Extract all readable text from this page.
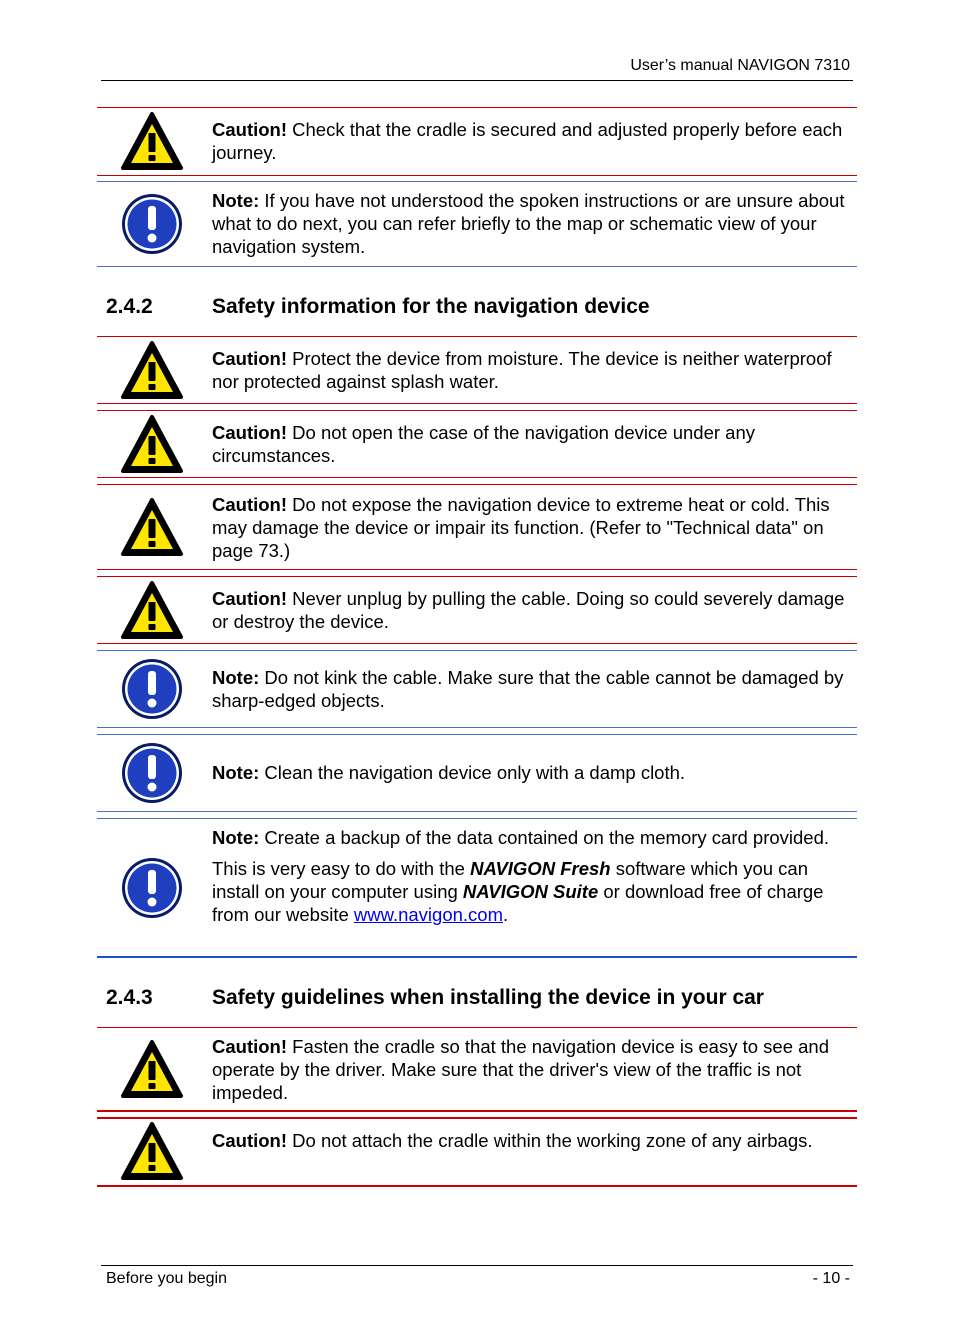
User’s manual NAVIGON 7310

Caution! Check that the cradle is secured and adjusted properly before each journey.

Note: If you have not understood the spoken instructions or are unsure about what to do next, you can refer briefly to the map or schematic view of your navigation system.

2.4.2	Safety information for the navigation device

Caution! Protect the device from moisture. The device is neither waterproof nor protected against splash water.

Caution! Do not open the case of the navigation device under any circumstances.

Caution! Do not expose the navigation device to extreme heat or cold. This may damage the device or impair its function. (Refer to "Technical data" on page 73.)

Caution! Never unplug by pulling the cable. Doing so could severely damage or destroy the device.

Note: Do not kink the cable. Make sure that the cable cannot be damaged by sharp-edged objects.

Note: Clean the navigation device only with a damp cloth.

Note: Create a backup of the data contained on the memory card provided.

This is very easy to do with the NAVIGON Fresh software which you can install on your computer using NAVIGON Suite or download free of charge from our website www.navigon.com.

2.4.3	Safety guidelines when installing the device in your car

Caution! Fasten the cradle so that the navigation device is easy to see and operate by the driver. Make sure that the driver's view of the traffic is not impeded.

Caution! Do not attach the cradle within the working zone of any airbags.

Before you begin	- 10 -
